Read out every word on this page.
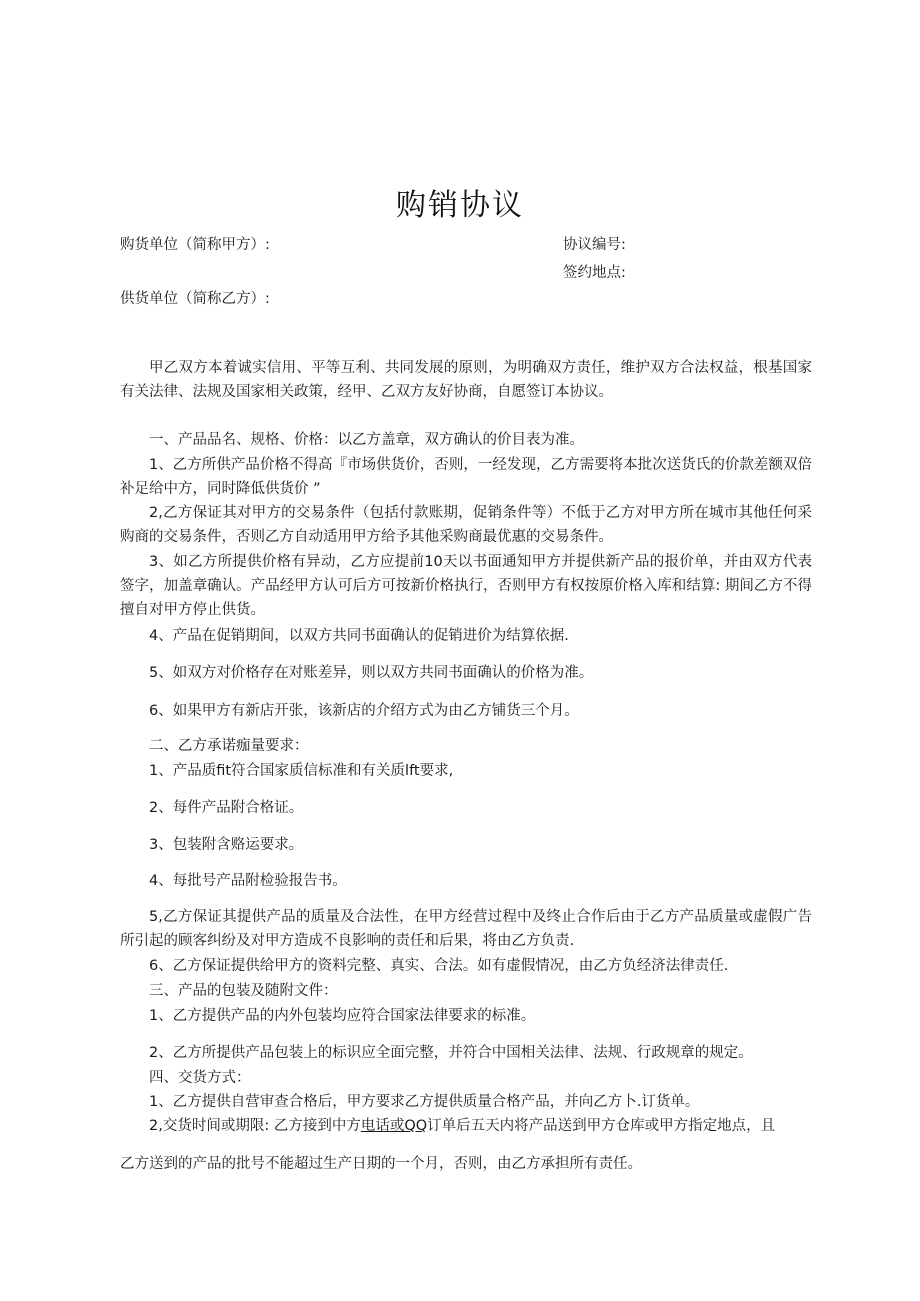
购销协议
购货单位（简称甲方）:	协议编号:
签约地点:
供货单位（简称乙方）:
甲乙双方本着诚实信用、平等互利、共同发展的原则，为明确双方责任，维护双方合法权益，根基国家有关法律、法规及国家相关政策，经甲、乙双方友好协商，自愿签订本协议。
一、产品品名、规格、价格：以乙方盖章，双方确认的价目表为准。
1、乙方所供产品价格不得高『市场供货价，否则，一经发现，乙方需要将本批次送货氏的价款差额双倍补足给中方，同时降低供货价 ”
2,乙方保证其对甲方的交易条件（包括付款账期，促销条件等）不低于乙方对甲方所在城市其他任何采购商的交易条件，否则乙方自动适用甲方给予其他采购商最优惠的交易条件。
3、如乙方所提供价格有异动，乙方应提前10天以书面通知甲方并提供新产品的报价单，并由双方代表签字，加盖章确认。产品经甲方认可后方可按新价格执行，否则甲方有权按原价格入库和结算: 期间乙方不得擅自对甲方停止供货。
4、产品在促销期间，以双方共同书面确认的促销进价为结算依据.
5、如双方对价格存在对账差异，则以双方共同书面确认的价格为准。
6、如果甲方有新店开张，该新店的介绍方式为由乙方铺货三个月。
二、乙方承诺痂量要求：
1、产品质fit符合国家质信标准和有关质lft要求,
2、每件产品附合格证。
3、包装附含赂运要求。
4、每批号产品附检验报告书。
5,乙方保证其提供产品的质量及合法性，在甲方经营过程中及终止合作后由于乙方产品质量或虚假广告所引起的顾客纠纷及对甲方造成不良影响的责任和后果，将由乙方负责.
6、乙方保证提供给甲方的资料完整、真实、合法。如有虚假情况，由乙方负经济法律责任.
三、产品的包装及随附文件：
1、乙方提供产品的内外包装均应符合国家法律要求的标准。
2、乙方所提供产品包装上的标识应全面完整，并符合中国相关法律、法规、行政规章的规定。
四、交货方式：
1、乙方提供自营审查合格后，甲方要求乙方提供质量合格产品，并向乙方卜.订货单。
2,交货时间或期限: 乙方接到中方电话或QQ订单后五天内将产品送到甲方仓库或甲方指定地点，且
乙方送到的产品的批号不能超过生产日期的一个月，否则，由乙方承担所有责任。
